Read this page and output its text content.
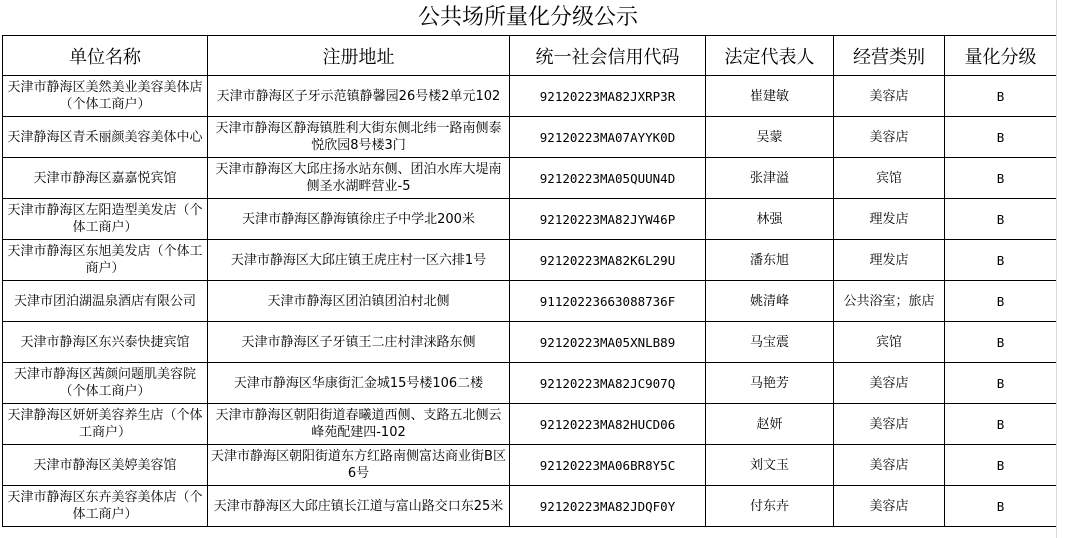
公共场所量化分级公示
单位名称	注册地址	统一社会信用代码	法定代表人	经营类别	量化分级
天津市静海区美然美业美容美体店（个体工商户）	天津市静海区子牙示范镇静馨园26号楼2单元102	92120223MA82JXRP3R	崔建敏	美容店	B
天津静海区青禾丽颜美容美体中心	天津市静海区静海镇胜利大街东侧北纬一路南侧泰悦欣园8号楼3门	92120223MA07AYYK0D	吴蒙	美容店	B
天津市静海区嘉嘉悦宾馆	天津市静海区大邱庄扬水站东侧、团泊水库大堤南侧圣水湖畔营业-5	92120223MA05QUUN4D	张津溢	宾馆	B
天津市静海区左阳造型美发店（个体工商户）	天津市静海区静海镇徐庄子中学北200米	92120223MA82JYW46P	林强	理发店	B
天津市静海区东旭美发店（个体工商户）	天津市静海区大邱庄镇王虎庄村一区六排1号	92120223MA82K6L29U	潘东旭	理发店	B
天津市团泊湖温泉酒店有限公司	天津市静海区团泊镇团泊村北侧	91120223663088736F	姚清峰	公共浴室；旅店	B
天津市静海区东兴泰快捷宾馆	天津市静海区子牙镇王二庄村津涞路东侧	92120223MA05XNLB89	马宝震	宾馆	B
天津市静海区茜颜问题肌美容院（个体工商户）	天津市静海区华康街汇金城15号楼106二楼	92120223MA82JC907Q	马艳芳	美容店	B
天津静海区妍妍美容养生店（个体工商户）	天津市静海区朝阳街道春曦道西侧、支路五北侧云峰苑配建四-102	92120223MA82HUCD06	赵妍	美容店	B
天津市静海区美婷美容馆	天津市静海区朝阳街道东方红路南侧富达商业街B区6号	92120223MA06BR8Y5C	刘文玉	美容店	B
天津市静海区东卉美容美体店（个体工商户）	天津市静海区大邱庄镇长江道与富山路交口东25米	92120223MA82JDQF0Y	付东卉	美容店	B
